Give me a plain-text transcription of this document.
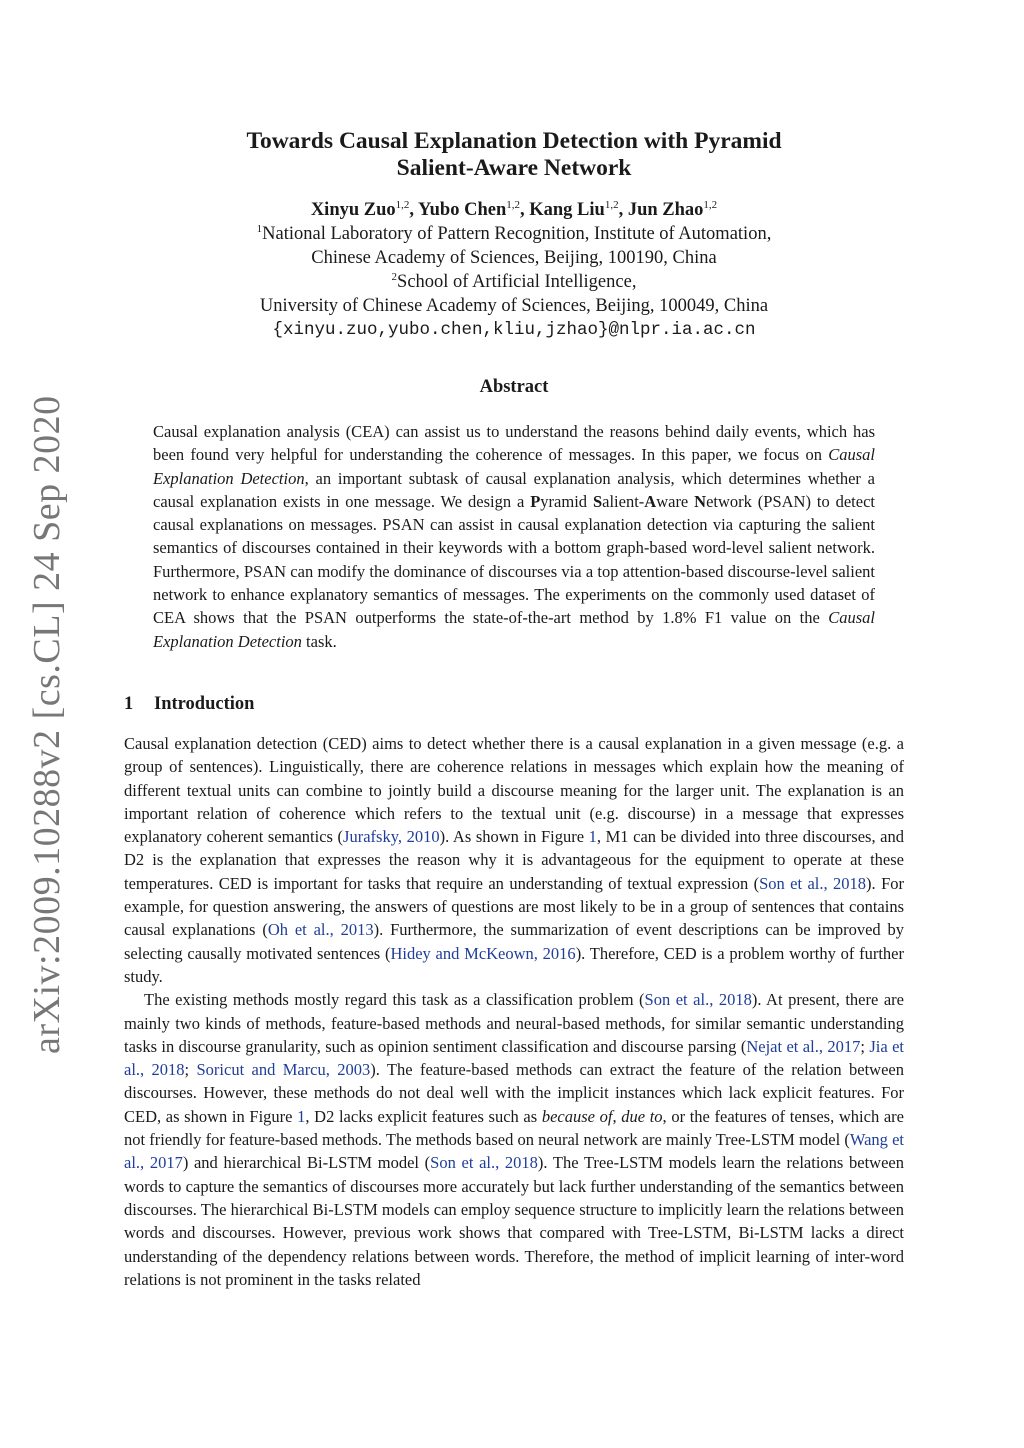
arXiv:2009.10288v2 [cs.CL] 24 Sep 2020
Towards Causal Explanation Detection with Pyramid
Salient-Aware Network
Xinyu Zuo$^{1,2}$, Yubo Chen$^{1,2}$, Kang Liu$^{1,2}$, Jun Zhao$^{1,2}$
$^1$National Laboratory of Pattern Recognition, Institute of Automation,
Chinese Academy of Sciences, Beijing, 100190, China
$^2$School of Artificial Intelligence,
University of Chinese Academy of Sciences, Beijing, 100049, China
{xinyu.zuo,yubo.chen,kliu,jzhao}@nlpr.ia.ac.cn
Abstract

Causal explanation analysis (CEA) can assist us to understand the reasons behind daily events, which has been found very helpful for understanding the coherence of messages. In this paper, we focus on Causal Explanation Detection, an important subtask of causal explanation analysis, which determines whether a causal explanation exists in one message. We design a Pyramid Salient-Aware Network (PSAN) to detect causal explanations on messages. PSAN can assist in causal explanation detection via capturing the salient semantics of discourses contained in their keywords with a bottom graph-based word-level salient network. Furthermore, PSAN can modify the dominance of discourses via a top attention-based discourse-level salient network to enhance explanatory semantics of messages. The experiments on the commonly used dataset of CEA shows that the PSAN outperforms the state-of-the-art method by 1.8% F1 value on the Causal Explanation Detection task.

1 Introduction

Causal explanation detection (CED) aims to detect whether there is a causal explanation in a given message (e.g. a group of sentences). Linguistically, there are coherence relations in messages which explain how the meaning of different textual units can combine to jointly build a discourse meaning for the larger unit. The explanation is an important relation of coherence which refers to the textual unit (e.g. discourse) in a message that expresses explanatory coherent semantics (Jurafsky, 2010). As shown in Figure 1, M1 can be divided into three discourses, and D2 is the explanation that expresses the reason why it is advantageous for the equipment to operate at these temperatures. CED is important for tasks that require an understanding of textual expression (Son et al., 2018). For example, for question answering, the answers of questions are most likely to be in a group of sentences that contains causal explanations (Oh et al., 2013). Furthermore, the summarization of event descriptions can be improved by selecting causally motivated sentences (Hidey and McKeown, 2016). Therefore, CED is a problem worthy of further study.

The existing methods mostly regard this task as a classification problem (Son et al., 2018). At present, there are mainly two kinds of methods, feature-based methods and neural-based methods, for similar semantic understanding tasks in discourse granularity, such as opinion sentiment classification and discourse parsing (Nejat et al., 2017; Jia et al., 2018; Soricut and Marcu, 2003). The feature-based methods can extract the feature of the relation between discourses. However, these methods do not deal well with the implicit instances which lack explicit features. For CED, as shown in Figure 1, D2 lacks explicit features such as because of, due to, or the features of tenses, which are not friendly for feature-based methods. The methods based on neural network are mainly Tree-LSTM model (Wang et al., 2017) and hierarchical Bi-LSTM model (Son et al., 2018). The Tree-LSTM models learn the relations between words to capture the semantics of discourses more accurately but lack further understanding of the semantics between discourses. The hierarchical Bi-LSTM models can employ sequence structure to implicitly learn the relations between words and discourses. However, previous work shows that compared with Tree-LSTM, Bi-LSTM lacks a direct understanding of the dependency relations between words. Therefore, the method of implicit learning of inter-word relations is not prominent in the tasks related
